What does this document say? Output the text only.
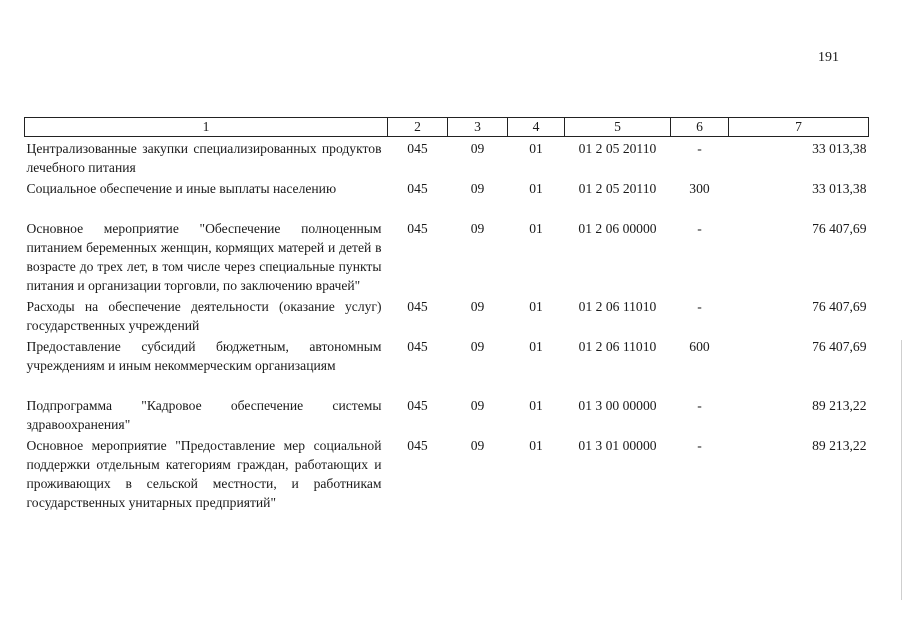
191
1	2	3	4	5	6	7
Централизованные закупки специализированных продуктов лечебного питания	045	09	01	01 2 05 20110	-	33 013,38
Социальное обеспечение и иные выплаты населению	045	09	01	01 2 05 20110	300	33 013,38
Основное мероприятие "Обеспечение полноценным питанием беременных женщин, кормящих матерей и детей в возрасте до трех лет, в том числе через специальные пункты питания и организации торговли, по заключению врачей"	045	09	01	01 2 06 00000	-	76 407,69
Расходы на обеспечение деятельности (оказание услуг) государственных учреждений	045	09	01	01 2 06 11010	-	76 407,69
Предоставление субсидий бюджетным, автономным учреждениям и иным некоммерческим организациям	045	09	01	01 2 06 11010	600	76 407,69
Подпрограмма "Кадровое обеспечение системы здравоохранения"	045	09	01	01 3 00 00000	-	89 213,22
Основное мероприятие "Предоставление мер социальной поддержки отдельным категориям граждан, работающих и проживающих в сельской местности, и работникам государственных унитарных предприятий"	045	09	01	01 3 01 00000	-	89 213,22
